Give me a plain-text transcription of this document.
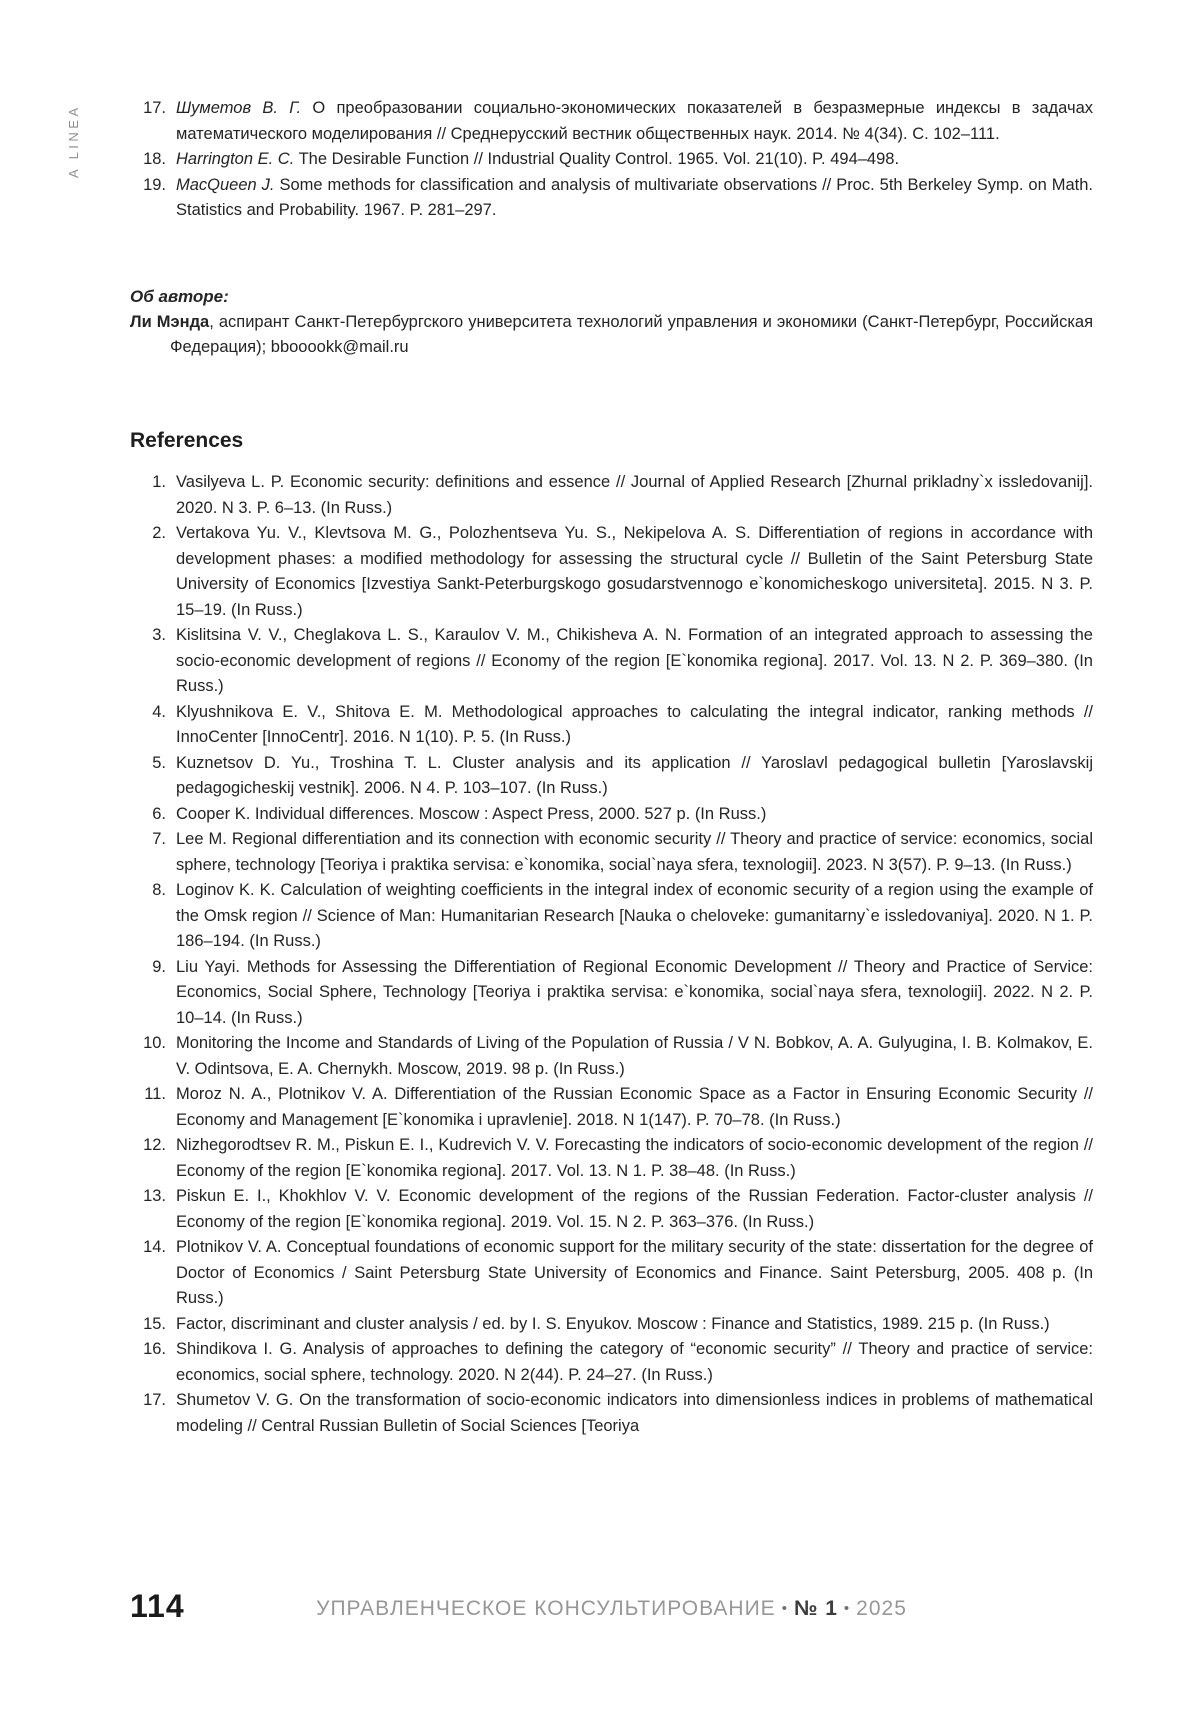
A LINEA	17. Шуметов В. Г. О преобразовании социально-экономических показателей в безразмерные индексы в задачах математического моделирования // Среднерусский вестник общественных наук. 2014. № 4(34). С. 102–111.
18. Harrington E. C. The Desirable Function // Industrial Quality Control. 1965. Vol. 21(10). P. 494–498.
19. MacQueen J. Some methods for classification and analysis of multivariate observations // Proc. 5th Berkeley Symp. on Math. Statistics and Probability. 1967. P. 281–297.
Об авторе:
Ли Мэнда, аспирант Санкт-Петербургского университета технологий управления и экономики (Санкт-Петербург, Российская Федерация); bbooookk@mail.ru
References
1. Vasilyeva L. P. Economic security: definitions and essence // Journal of Applied Research [Zhurnal prikladny`x issledovanij]. 2020. N 3. P. 6–13. (In Russ.)
2. Vertakova Yu. V., Klevtsova M. G., Polozhentseva Yu. S., Nekipelova A. S. Differentiation of regions in accordance with development phases: a modified methodology for assessing the structural cycle // Bulletin of the Saint Petersburg State University of Economics [Izvestiya Sankt-Peterburgskogo gosudarstvennogo e`konomicheskogo universiteta]. 2015. N 3. P. 15–19. (In Russ.)
3. Kislitsina V. V., Cheglakova L. S., Karaulov V. M., Chikisheva A. N. Formation of an integrated approach to assessing the socio-economic development of regions // Economy of the region [E`konomika regiona]. 2017. Vol. 13. N 2. P. 369–380. (In Russ.)
4. Klyushnikova E. V., Shitova E. M. Methodological approaches to calculating the integral indicator, ranking methods // InnoCenter [InnoCentr]. 2016. N 1(10). P. 5. (In Russ.)
5. Kuznetsov D. Yu., Troshina T. L. Cluster analysis and its application // Yaroslavl pedagogical bulletin [Yaroslavskij pedagogicheskij vestnik]. 2006. N 4. P. 103–107. (In Russ.)
6. Cooper K. Individual differences. Moscow : Aspect Press, 2000. 527 p. (In Russ.)
7. Lee M. Regional differentiation and its connection with economic security // Theory and practice of service: economics, social sphere, technology [Teoriya i praktika servisa: e`konomika, social`naya sfera, texnologii]. 2023. N 3(57). P. 9–13. (In Russ.)
8. Loginov K. K. Calculation of weighting coefficients in the integral index of economic security of a region using the example of the Omsk region // Science of Man: Humanitarian Research [Nauka o cheloveke: gumanitarny`e issledovaniya]. 2020. N 1. P. 186–194. (In Russ.)
9. Liu Yayi. Methods for Assessing the Differentiation of Regional Economic Development // Theory and Practice of Service: Economics, Social Sphere, Technology [Teoriya i praktika servisa: e`konomika, social`naya sfera, texnologii]. 2022. N 2. P. 10–14. (In Russ.)
10. Monitoring the Income and Standards of Living of the Population of Russia / V N. Bobkov, A. A. Gulyugina, I. B. Kolmakov, E. V. Odintsova, E. A. Chernykh. Moscow, 2019. 98 p. (In Russ.)
11. Moroz N. A., Plotnikov V. A. Differentiation of the Russian Economic Space as a Factor in Ensuring Economic Security // Economy and Management [E`konomika i upravlenie]. 2018. N 1(147). P. 70–78. (In Russ.)
12. Nizhegorodtsev R. M., Piskun E. I., Kudrevich V. V. Forecasting the indicators of socio-economic development of the region // Economy of the region [E`konomika regiona]. 2017. Vol. 13. N 1. P. 38–48. (In Russ.)
13. Piskun E. I., Khokhlov V. V. Economic development of the regions of the Russian Federation. Factor-cluster analysis // Economy of the region [E`konomika regiona]. 2019. Vol. 15. N 2. P. 363–376. (In Russ.)
14. Plotnikov V. A. Conceptual foundations of economic support for the military security of the state: dissertation for the degree of Doctor of Economics / Saint Petersburg State University of Economics and Finance. Saint Petersburg, 2005. 408 p. (In Russ.)
15. Factor, discriminant and cluster analysis / ed. by I. S. Enyukov. Moscow : Finance and Statistics, 1989. 215 p. (In Russ.)
16. Shindikova I. G. Analysis of approaches to defining the category of “economic security” // Theory and practice of service: economics, social sphere, technology. 2020. N 2(44). P. 24–27. (In Russ.)
17. Shumetov V. G. On the transformation of socio-economic indicators into dimensionless indices in problems of mathematical modeling // Central Russian Bulletin of Social Sciences [Teoriya
114	УПРАВЛЕНЧЕСКОЕ КОНСУЛЬТИРОВАНИЕ • № 1 • 2025
